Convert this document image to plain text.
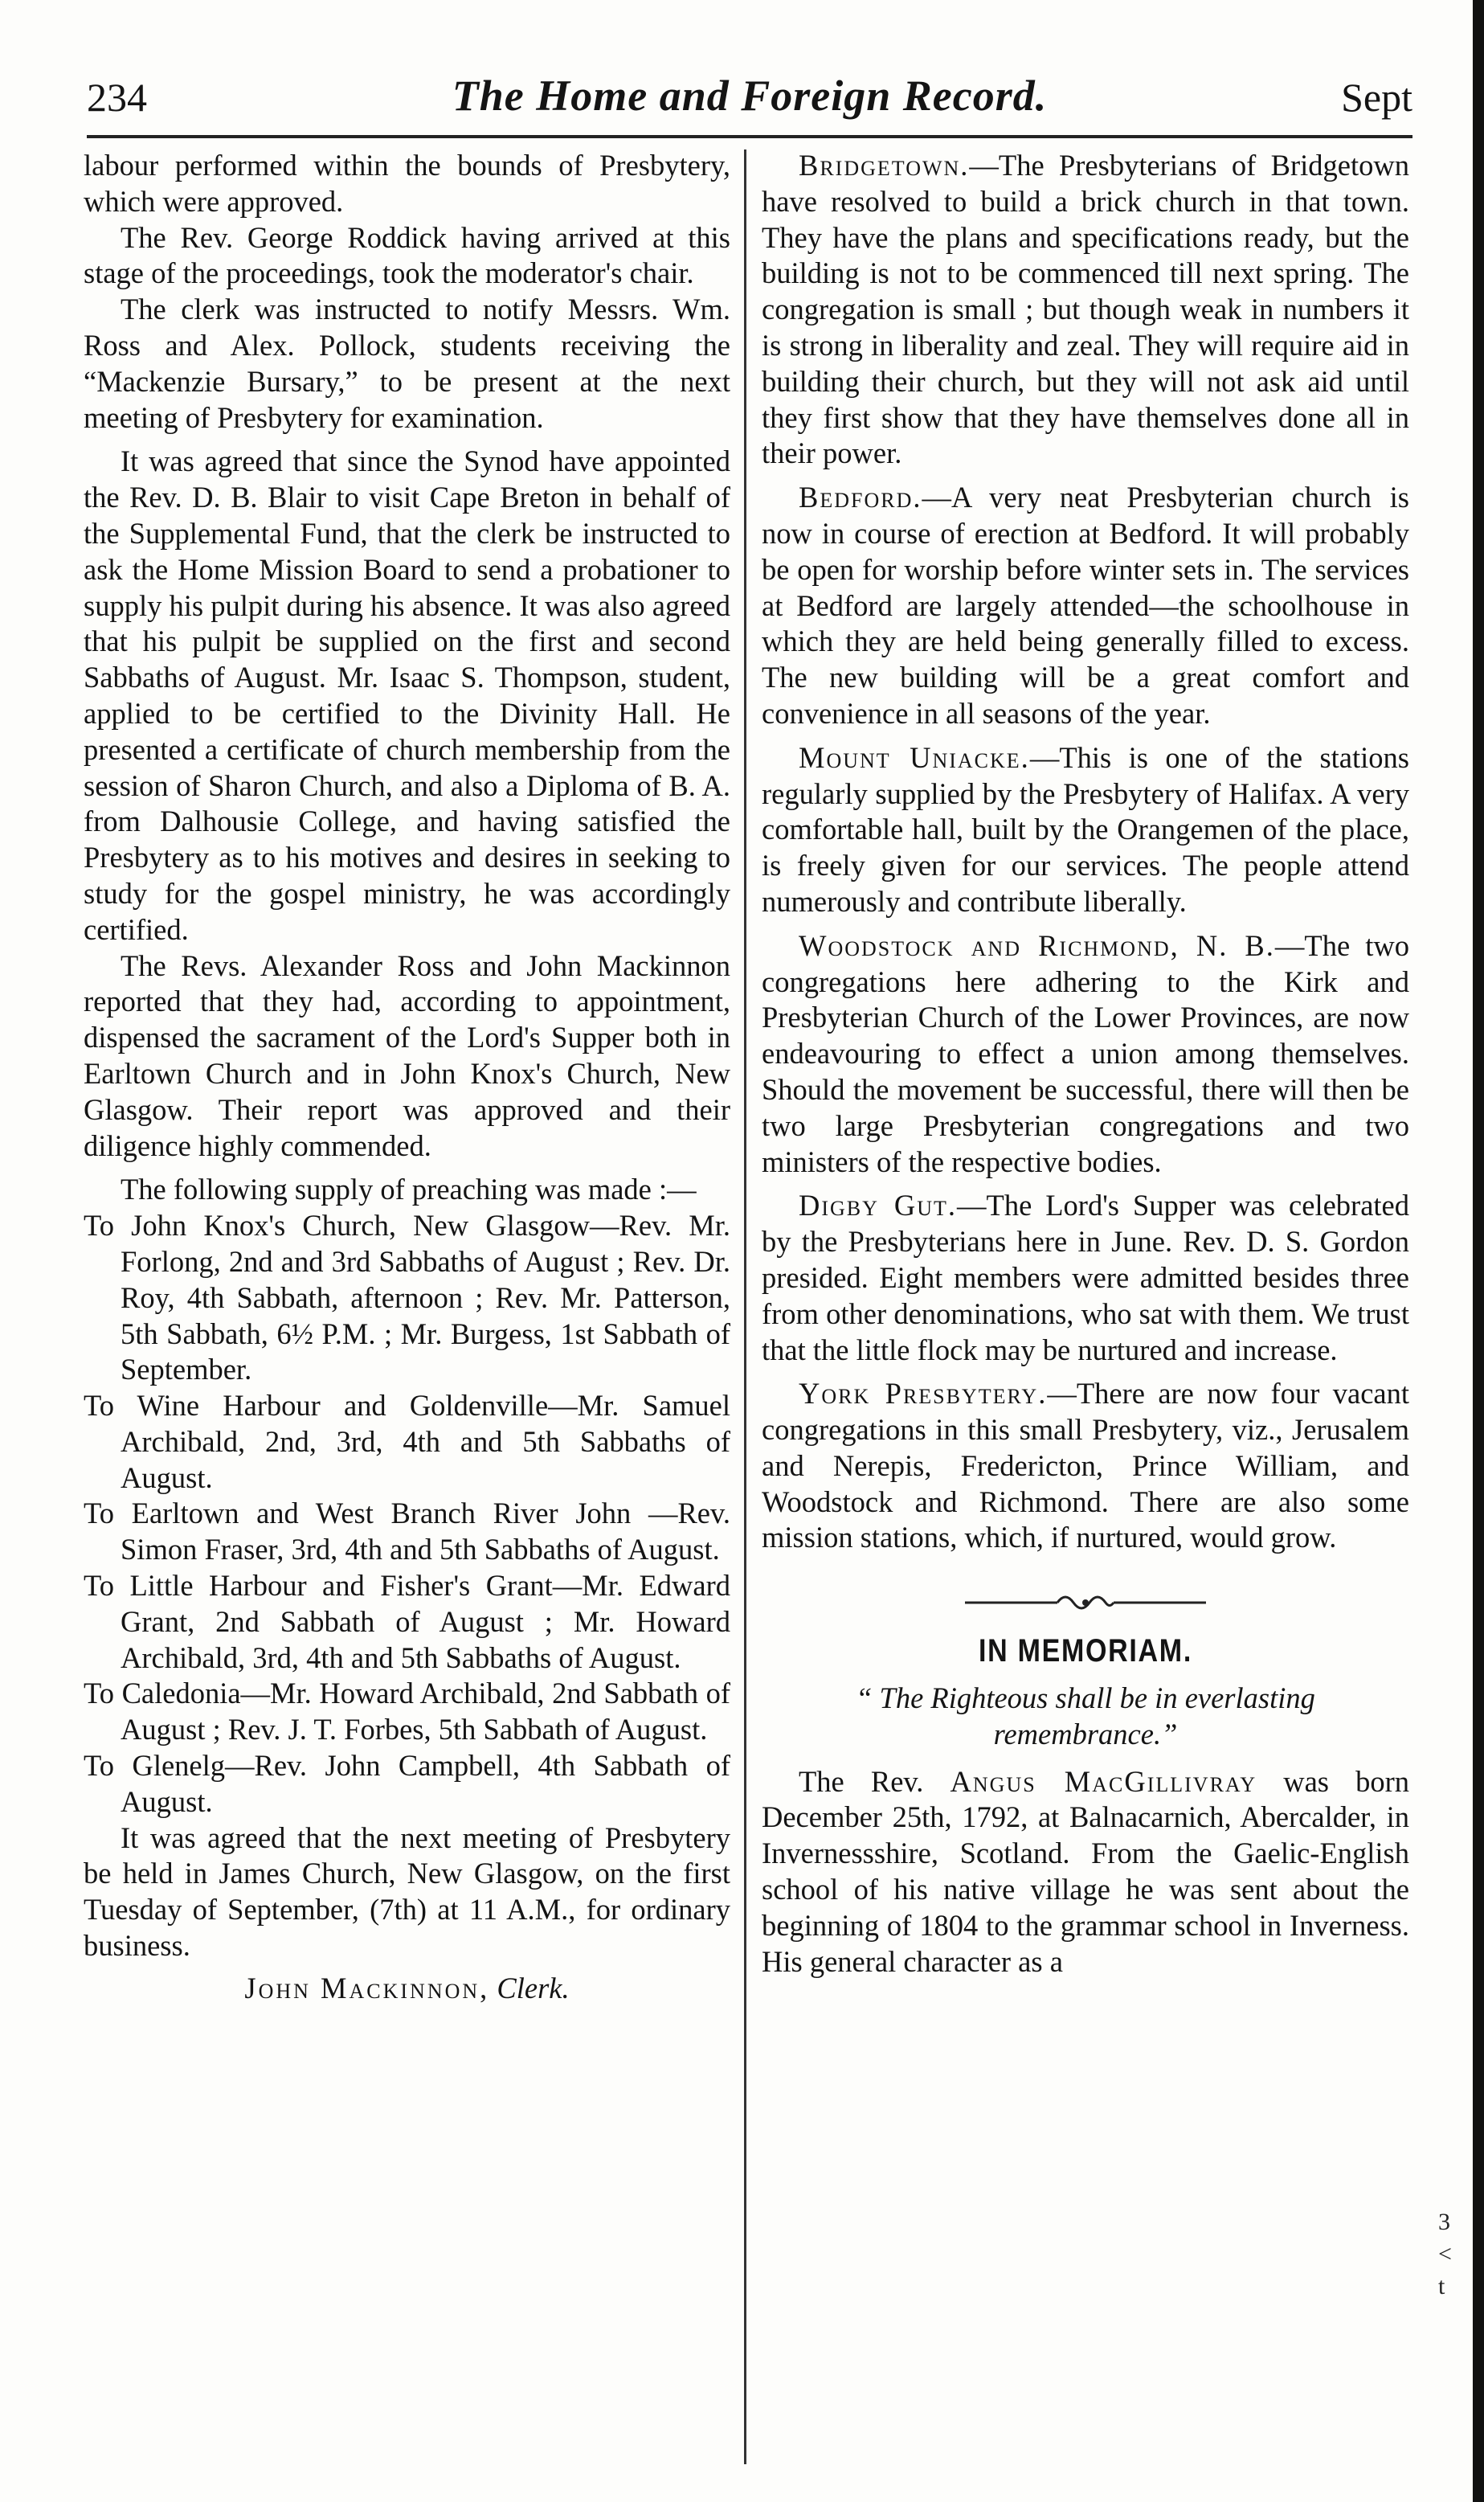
234	The Home and Foreign Record.	Sept

labour performed within the bounds of Presbytery, which were approved.

The Rev. George Roddick having arrived at this stage of the proceedings, took the moderator's chair.

The clerk was instructed to notify Messrs. Wm. Ross and Alex. Pollock, students receiving the “Mackenzie Bursary,” to be present at the next meeting of Presbytery for examination.

It was agreed that since the Synod have appointed the Rev. D. B. Blair to visit Cape Breton in behalf of the Supplemental Fund, that the clerk be instructed to ask the Home Mission Board to send a probationer to supply his pulpit during his absence. It was also agreed that his pulpit be supplied on the first and second Sabbaths of August. Mr. Isaac S. Thompson, student, applied to be certified to the Divinity Hall. He presented a certificate of church membership from the session of Sharon Church, and also a Diploma of B. A. from Dalhousie College, and having satisfied the Presbytery as to his motives and desires in seeking to study for the gospel ministry, he was accordingly certified.

The Revs. Alexander Ross and John Mackinnon reported that they had, according to appointment, dispensed the sacrament of the Lord's Supper both in Earltown Church and in John Knox's Church, New Glasgow. Their report was approved and their diligence highly commended.

The following supply of preaching was made :—

To John Knox's Church, New Glasgow—Rev. Mr. Forlong, 2nd and 3rd Sabbaths of August ; Rev. Dr. Roy, 4th Sabbath, afternoon ; Rev. Mr. Patterson, 5th Sabbath, 6½ P.M. ; Mr. Burgess, 1st Sabbath of September.

To Wine Harbour and Goldenville—Mr. Samuel Archibald, 2nd, 3rd, 4th and 5th Sabbaths of August.

To Earltown and West Branch River John —Rev. Simon Fraser, 3rd, 4th and 5th Sabbaths of August.

To Little Harbour and Fisher's Grant—Mr. Edward Grant, 2nd Sabbath of August ; Mr. Howard Archibald, 3rd, 4th and 5th Sabbaths of August.

To Caledonia—Mr. Howard Archibald, 2nd Sabbath of August ; Rev. J. T. Forbes, 5th Sabbath of August.

To Glenelg—Rev. John Campbell, 4th Sabbath of August.

It was agreed that the next meeting of Presbytery be held in James Church, New Glasgow, on the first Tuesday of September, (7th) at 11 A.M., for ordinary business.

John Mackinnon, Clerk.

Bridgetown.—The Presbyterians of Bridgetown have resolved to build a brick church in that town. They have the plans and specifications ready, but the building is not to be commenced till next spring. The congregation is small ; but though weak in numbers it is strong in liberality and zeal. They will require aid in building their church, but they will not ask aid until they first show that they have themselves done all in their power.

Bedford.—A very neat Presbyterian church is now in course of erection at Bedford. It will probably be open for worship before winter sets in. The services at Bedford are largely attended—the schoolhouse in which they are held being generally filled to excess. The new building will be a great comfort and convenience in all seasons of the year.

Mount Uniacke.—This is one of the stations regularly supplied by the Presbytery of Halifax. A very comfortable hall, built by the Orangemen of the place, is freely given for our services. The people attend numerously and contribute liberally.

Woodstock and Richmond, N. B.—The two congregations here adhering to the Kirk and Presbyterian Church of the Lower Provinces, are now endeavouring to effect a union among themselves. Should the movement be successful, there will then be two large Presbyterian congregations and two ministers of the respective bodies.

Digby Gut.—The Lord's Supper was celebrated by the Presbyterians here in June. Rev. D. S. Gordon presided. Eight members were admitted besides three from other denominations, who sat with them. We trust that the little flock may be nurtured and increase.

York Presbytery.—There are now four vacant congregations in this small Presbytery, viz., Jerusalem and Nerepis, Fredericton, Prince William, and Woodstock and Richmond. There are also some mission stations, which, if nurtured, would grow.

IN MEMORIAM.

“ The Righteous shall be in everlasting remembrance.”

The Rev. Angus MacGillivray was born December 25th, 1792, at Balnacarnich, Abercalder, in Invernessshire, Scotland. From the Gaelic-English school of his native village he was sent about the beginning of 1804 to the grammar school in Inverness. His general character as a

3
<
t
